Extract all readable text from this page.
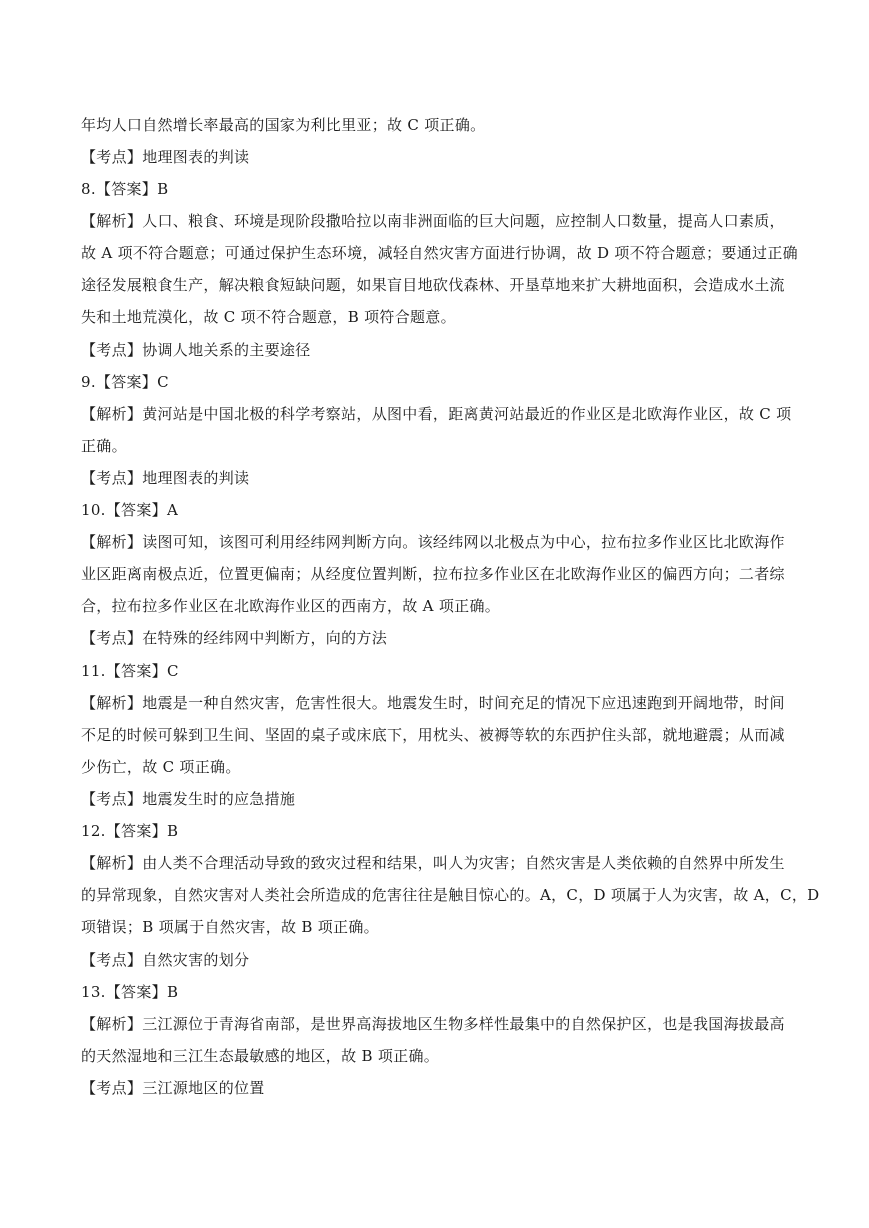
年均人口自然增长率最高的国家为利比里亚；故 C 项正确。
【考点】地理图表的判读
8.【答案】B
【解析】人口、粮食、环境是现阶段撒哈拉以南非洲面临的巨大问题，应控制人口数量，提高人口素质，
故 A 项不符合题意；可通过保护生态环境，减轻自然灾害方面进行协调，故 D 项不符合题意；要通过正确
途径发展粮食生产，解决粮食短缺问题，如果盲目地砍伐森林、开垦草地来扩大耕地面积，会造成水土流
失和土地荒漠化，故 C 项不符合题意，B 项符合题意。
【考点】协调人地关系的主要途径
9.【答案】C
【解析】黄河站是中国北极的科学考察站，从图中看，距离黄河站最近的作业区是北欧海作业区，故 C 项
正确。
【考点】地理图表的判读
10.【答案】A
【解析】读图可知，该图可利用经纬网判断方向。该经纬网以北极点为中心，拉布拉多作业区比北欧海作
业区距离南极点近，位置更偏南；从经度位置判断，拉布拉多作业区在北欧海作业区的偏西方向；二者综
合，拉布拉多作业区在北欧海作业区的西南方，故 A 项正确。
【考点】在特殊的经纬网中判断方，向的方法
11.【答案】C
【解析】地震是一种自然灾害，危害性很大。地震发生时，时间充足的情况下应迅速跑到开阔地带，时间
不足的时候可躲到卫生间、坚固的桌子或床底下，用枕头、被褥等软的东西护住头部，就地避震；从而减
少伤亡，故 C 项正确。
【考点】地震发生时的应急措施
12.【答案】B
【解析】由人类不合理活动导致的致灾过程和结果，叫人为灾害；自然灾害是人类依赖的自然界中所发生
的异常现象，自然灾害对人类社会所造成的危害往往是触目惊心的。A，C，D 项属于人为灾害，故 A，C，D
项错误；B 项属于自然灾害，故 B 项正确。
【考点】自然灾害的划分
13.【答案】B
【解析】三江源位于青海省南部，是世界高海拔地区生物多样性最集中的自然保护区，也是我国海拔最高
的天然湿地和三江生态最敏感的地区，故 B 项正确。
【考点】三江源地区的位置
